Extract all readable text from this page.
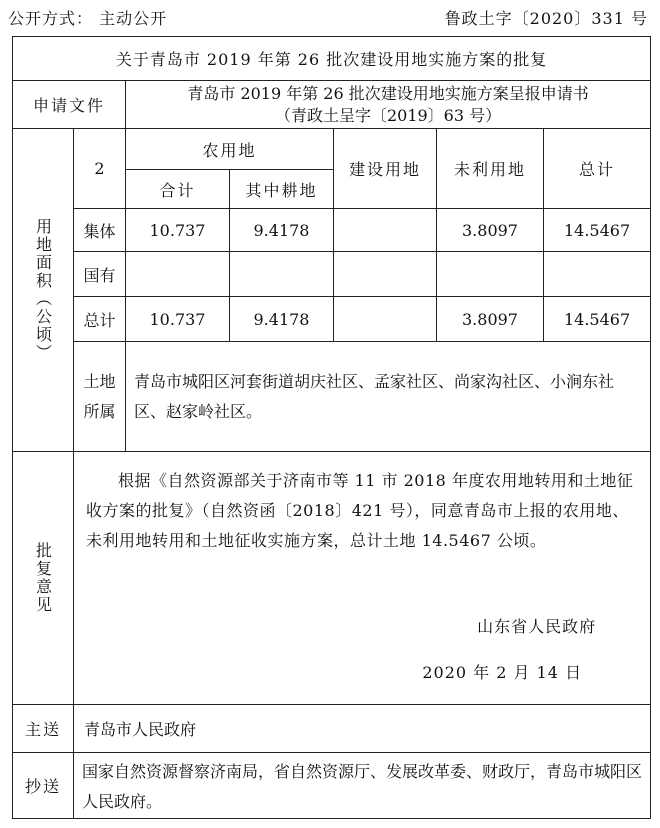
公开方式： 主动公开	鲁政土字〔2020〕331 号
关于青岛市 2019 年第 26 批次建设用地实施方案的批复						
申请文件		青岛市 2019 年第 26 批次建设用地实施方案呈报申请书
（青政土呈字〔2019〕63 号）				

用地面积（公顷）	2	农用地		建设用地	未利用地	总计
		合计	其中耕地			
	集体	10.737	9.4178		3.8097	14.5467
	国有					
	总计	10.737	9.4178		3.8097	14.5467

	土地
所属	青岛市城阳区河套街道胡庆社区、孟家社区、尚家沟社区、小涧东社区、赵家岭社区。				

批复意见	根据《自然资源部关于济南市等 11 市 2018 年度农用地转用和土地征收方案的批复》（自然资函〔2018〕421 号），同意青岛市上报的农用地、未利用地转用和土地征收实施方案，总计土地 14.5467 公顷。
山东省人民政府
2020 年 2 月 14 日					

主送	青岛市人民政府					
抄送	国家自然资源督察济南局，省自然资源厅、发展改革委、财政厅，青岛市城阳区人民政府。					
